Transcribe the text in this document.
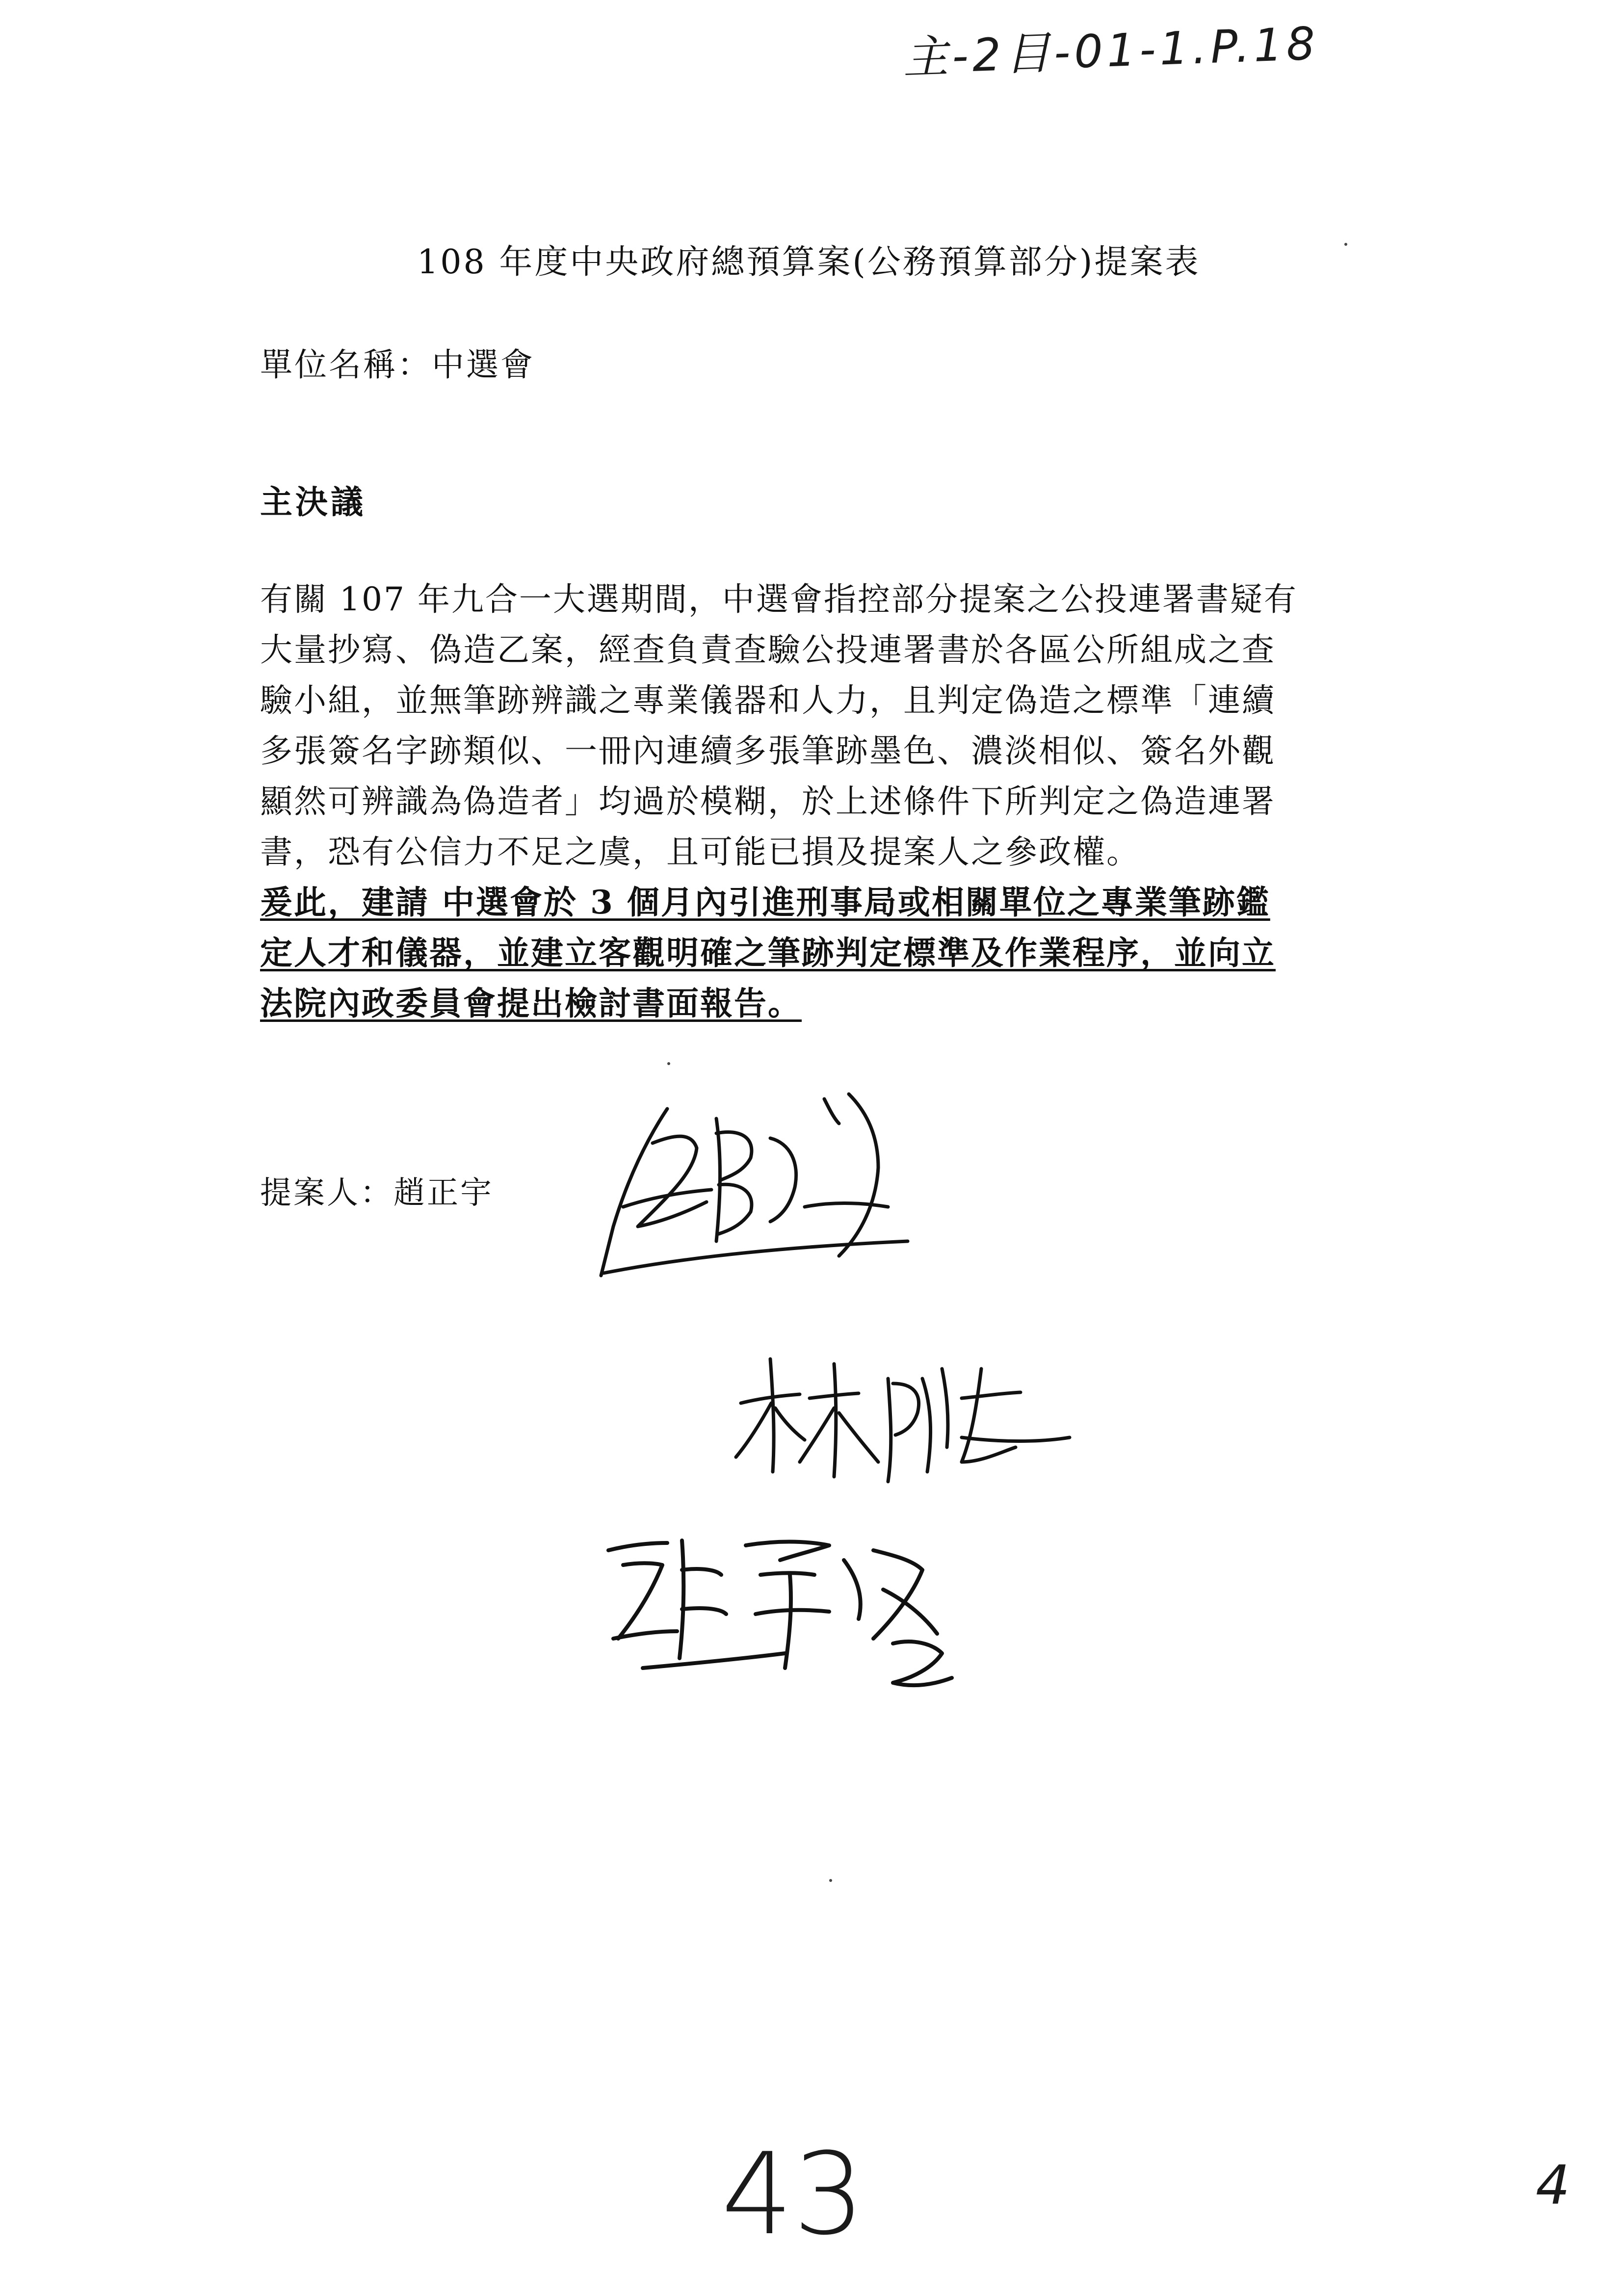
主-2目-01-1.P.18
108 年度中央政府總預算案(公務預算部分)提案表
單位名稱：中選會
主決議
有關 107 年九合一大選期間，中選會指控部分提案之公投連署書疑有
大量抄寫、偽造乙案，經查負責查驗公投連署書於各區公所組成之查
驗小組，並無筆跡辨識之專業儀器和人力，且判定偽造之標準「連續
多張簽名字跡類似、一冊內連續多張筆跡墨色、濃淡相似、簽名外觀
顯然可辨識為偽造者」均過於模糊，於上述條件下所判定之偽造連署
書，恐有公信力不足之虞，且可能已損及提案人之參政權。
爰此，建請 中選會於 3 個月內引進刑事局或相關單位之專業筆跡鑑
定人才和儀器，並建立客觀明確之筆跡判定標準及作業程序，並向立
法院內政委員會提出檢討書面報告。
提案人：趙正宇
43	4
